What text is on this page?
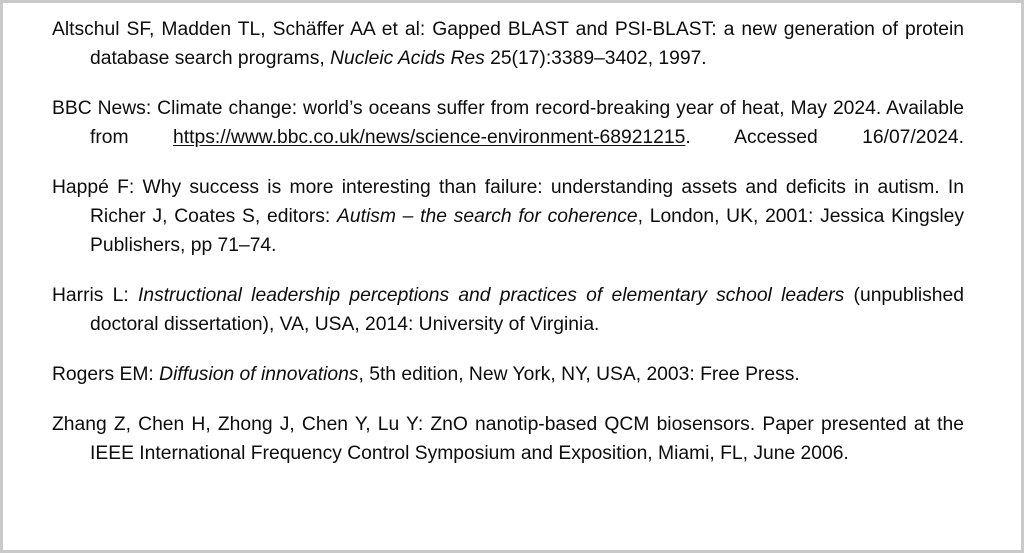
Altschul SF, Madden TL, Schäffer AA et al: Gapped BLAST and PSI-BLAST: a new generation of protein database search programs, Nucleic Acids Res 25(17):3389–3402, 1997.

BBC News: Climate change: world’s oceans suffer from record-breaking year of heat, May 2024. Available from https://www.bbc.co.uk/news/science-environment-68921215. Accessed 16/07/2024.

Happé F: Why success is more interesting than failure: understanding assets and deficits in autism. In Richer J, Coates S, editors: Autism – the search for coherence, London, UK, 2001: Jessica Kingsley Publishers, pp 71–74.

Harris L: Instructional leadership perceptions and practices of elementary school leaders (unpublished doctoral dissertation), VA, USA, 2014: University of Virginia.

Rogers EM: Diffusion of innovations, 5th edition, New York, NY, USA, 2003: Free Press.

Zhang Z, Chen H, Zhong J, Chen Y, Lu Y: ZnO nanotip-based QCM biosensors. Paper presented at the IEEE International Frequency Control Symposium and Exposition, Miami, FL, June 2006.
